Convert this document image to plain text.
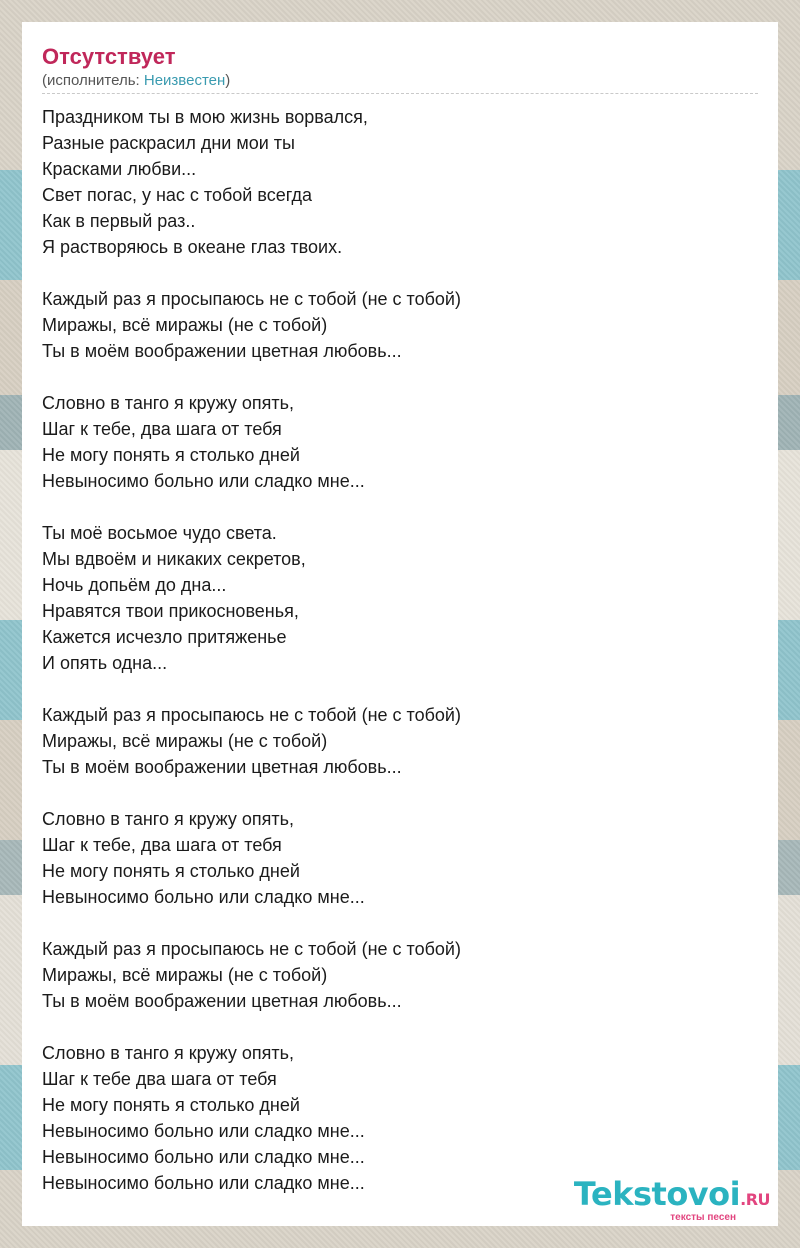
Отсутствует
(исполнитель: Неизвестен)
Праздником ты в мою жизнь ворвался,
Разные раскрасил дни мои ты
Красками любви...
Свет погас, у нас с тобой всегда
Как в первый раз..
Я растворяюсь в океане глаз твоих.
Каждый раз я просыпаюсь не с тобой (не с тобой)
Миражы, всё миражы (не с тобой)
Ты в моём воображении цветная любовь...
Словно в танго я кружу опять,
Шаг к тебе, два шага от тебя
Не могу понять я столько дней
Невыносимо больно или сладко мне...
Ты моё восьмое чудо света.
Мы вдвоём и никаких секретов,
Ночь допьём до дна...
Нравятся твои прикосновенья,
Кажется исчезло притяженье
И опять одна...
Каждый раз я просыпаюсь не с тобой (не с тобой)
Миражы, всё миражы (не с тобой)
Ты в моём воображении цветная любовь...
Словно в танго я кружу опять,
Шаг к тебе, два шага от тебя
Не могу понять я столько дней
Невыносимо больно или сладко мне...
Каждый раз я просыпаюсь не с тобой (не с тобой)
Миражы, всё миражы (не с тобой)
Ты в моём воображении цветная любовь...
Словно в танго я кружу опять,
Шаг к тебе два шага от тебя
Не могу понять я столько дней
Невыносимо больно или сладко мне...
Невыносимо больно или сладко мне...
Невыносимо больно или сладко мне...	Tekstovoi.RU
тексты песен
